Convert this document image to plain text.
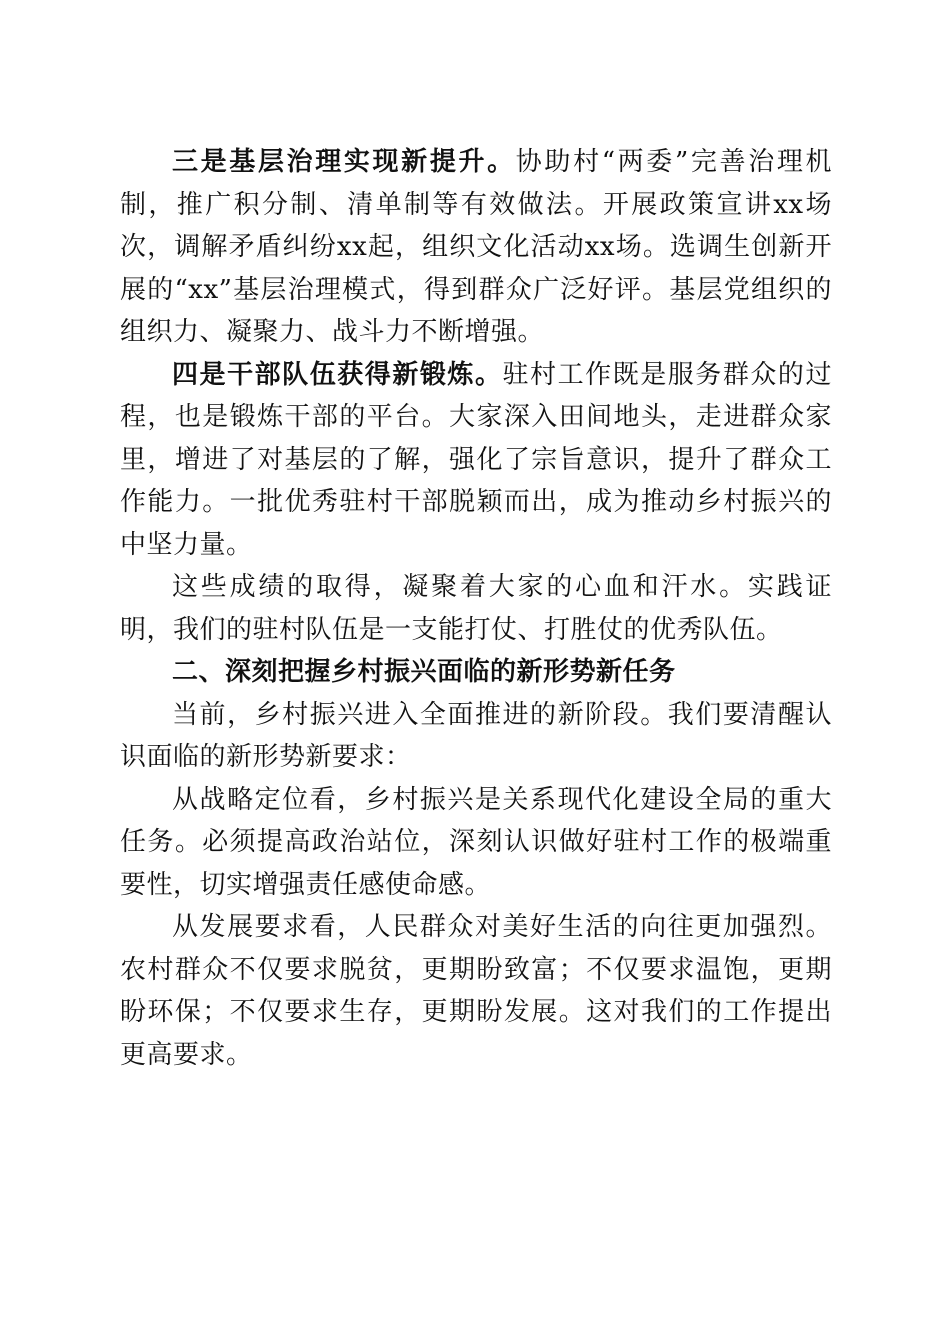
三是基层治理实现新提升。协助村“两委”完善治理机制，推广积分制、清单制等有效做法。开展政策宣讲xx场次，调解矛盾纠纷xx起，组织文化活动xx场。选调生创新开展的“xx”基层治理模式，得到群众广泛好评。基层党组织的组织力、凝聚力、战斗力不断增强。

四是干部队伍获得新锻炼。驻村工作既是服务群众的过程，也是锻炼干部的平台。大家深入田间地头，走进群众家里，增进了对基层的了解，强化了宗旨意识，提升了群众工作能力。一批优秀驻村干部脱颖而出，成为推动乡村振兴的中坚力量。

这些成绩的取得，凝聚着大家的心血和汗水。实践证明，我们的驻村队伍是一支能打仗、打胜仗的优秀队伍。

二、深刻把握乡村振兴面临的新形势新任务

当前，乡村振兴进入全面推进的新阶段。我们要清醒认识面临的新形势新要求：

从战略定位看，乡村振兴是关系现代化建设全局的重大任务。必须提高政治站位，深刻认识做好驻村工作的极端重要性，切实增强责任感使命感。

从发展要求看，人民群众对美好生活的向往更加强烈。农村群众不仅要求脱贫，更期盼致富；不仅要求温饱，更期盼环保；不仅要求生存，更期盼发展。这对我们的工作提出更高要求。
